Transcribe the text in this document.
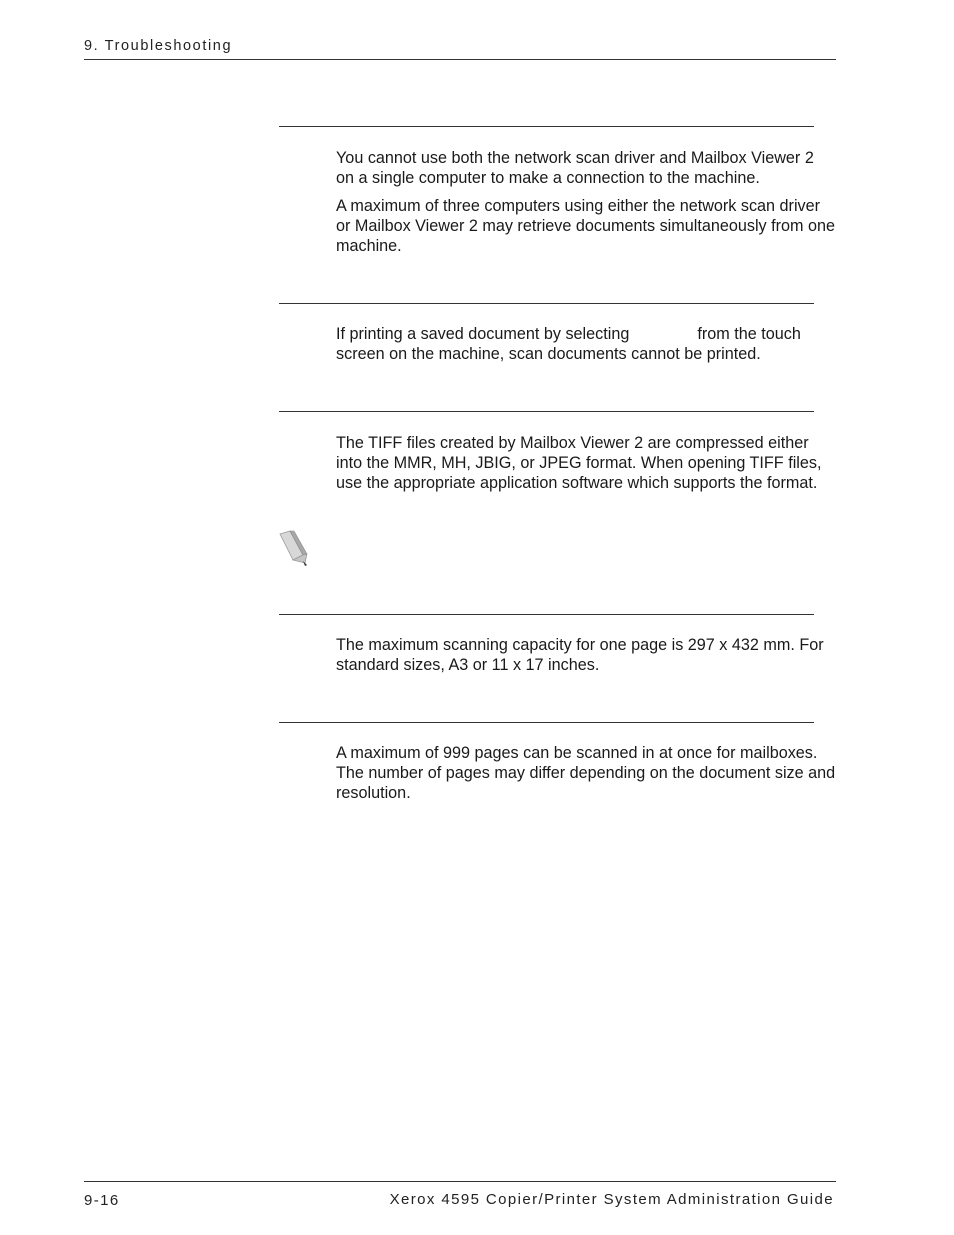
9. Troubleshooting

You cannot use both the network scan driver and Mailbox Viewer 2 on a single computer to make a connection to the machine.

A maximum of three computers using either the network scan driver or Mailbox Viewer 2 may retrieve documents simultaneously from one machine.

If printing a saved document by selecting	from the touch screen on the machine, scan documents cannot be printed.

The TIFF files created by Mailbox Viewer 2 are compressed either into the MMR, MH, JBIG, or JPEG format. When opening TIFF files, use the appropriate application software which supports the format.

The maximum scanning capacity for one page is 297 x 432 mm. For standard sizes, A3 or 11 x 17 inches.

A maximum of 999 pages can be scanned in at once for mailboxes. The number of pages may differ depending on the document size and resolution.

9-16	Xerox 4595 Copier/Printer System Administration Guide
